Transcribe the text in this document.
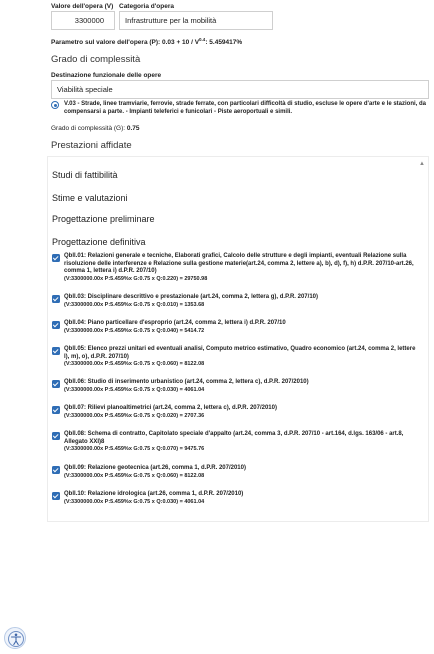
Valore dell'opera (V) Categoria d'opera
3300000	Infrastrutture per la mobilità
Parametro sul valore dell'opera (P): $0.03 + 10 / V^{0.4}$: 5.459417%
Grado di complessità
Destinazione funzionale delle opere
Viabilità speciale
V.03 - Strade, linee tramviarie, ferrovie, strade ferrate, con particolari difficoltà di studio, escluse le opere d'arte e le stazioni, da compensarsi a parte. - Impianti teleferici e funicolari - Piste aeroportuali e simili.
Grado di complessità (G): 0.75
Prestazioni affidate
▲
Studi di fattibilità
Stime e valutazioni
Progettazione preliminare
Progettazione definitiva
Qbll.01: Relazioni generale e tecniche, Elaborati grafici, Calcolo delle strutture e degli impianti, eventuali Relazione sulla risoluzione delle interferenze e Relazione sulla gestione materie(art.24, comma 2, lettere a), b), d), f), h) d.P.R. 207/10-art.26, comma 1, lettera i) d.P.R. 207/10)
(V:3300000.00x P:5.459%x G:0.75 x Q:0.220) = 29750.98
Qbll.03: Disciplinare descrittivo e prestazionale (art.24, comma 2, lettera g), d.P.R. 207/10)
(V:3300000.00x P:5.459%x G:0.75 x Q:0.010) = 1353.68
Qbll.04: Piano particellare d'esproprio (art.24, comma 2, lettera i) d.P.R. 207/10
(V:3300000.00x P:5.459%x G:0.75 x Q:0.040) = 5414.72
Qbll.05: Elenco prezzi unitari ed eventuali analisi, Computo metrico estimativo, Quadro economico (art.24, comma 2, lettere l), m), o), d.P.R. 207/10)
(V:3300000.00x P:5.459%x G:0.75 x Q:0.060) = 8122.08
Qbll.06: Studio di inserimento urbanistico (art.24, comma 2, lettera c), d.P.R. 207/2010)
(V:3300000.00x P:5.459%x G:0.75 x Q:0.030) = 4061.04
Qbll.07: Rilievi planoaltimetrici (art.24, comma 2, lettera c), d.P.R. 207/2010)
(V:3300000.00x P:5.459%x G:0.75 x Q:0.020) = 2707.36
Qbll.08: Schema di contratto, Capitolato speciale d'appalto (art.24, comma 3, d.P.R. 207/10 - art.164, d.lgs. 163/06 - art.8, Allegato XXI)8
(V:3300000.00x P:5.459%x G:0.75 x Q:0.070) = 9475.76
Qbll.09: Relazione geotecnica (art.26, comma 1, d.P.R. 207/2010)
(V:3300000.00x P:5.459%x G:0.75 x Q:0.060) = 8122.08
Qbll.10: Relazione idrologica (art.26, comma 1, d.P.R. 207/2010)
(V:3300000.00x P:5.459%x G:0.75 x Q:0.030) = 4061.04
